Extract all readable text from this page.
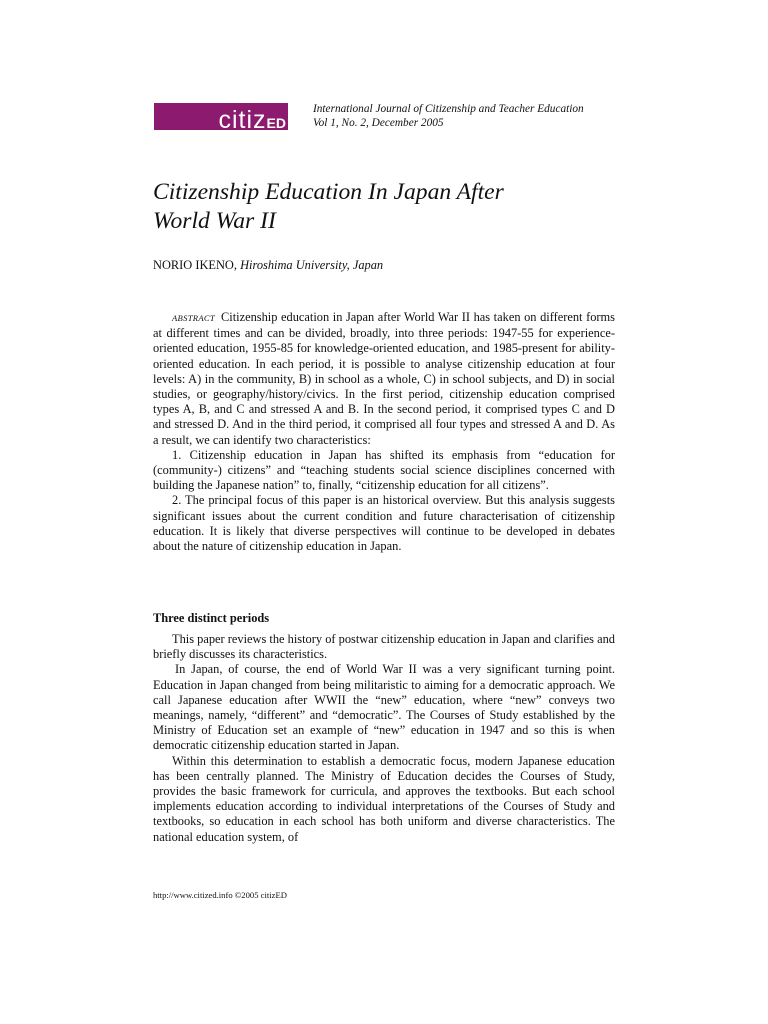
citizED
International Journal of Citizenship and Teacher Education
Vol 1, No. 2, December 2005
Citizenship Education In Japan After
World War II
NORIO IKENO, Hiroshima University, Japan

ABSTRACT Citizenship education in Japan after World War II has taken on different forms at different times and can be divided, broadly, into three periods: 1947-55 for experience-oriented education, 1955-85 for knowledge-oriented education, and 1985-present for ability-oriented education. In each period, it is possible to analyse citizenship education at four levels: A) in the community, B) in school as a whole, C) in school subjects, and D) in social studies, or geography/history/civics. In the first period, citizenship education comprised types A, B, and C and stressed A and B. In the second period, it comprised types C and D and stressed D. And in the third period, it comprised all four types and stressed A and D. As a result, we can identify two characteristics:

1. Citizenship education in Japan has shifted its emphasis from “education for (community-) citizens” and “teaching students social science disciplines concerned with building the Japanese nation” to, finally, “citizenship education for all citizens”.

2. The principal focus of this paper is an historical overview. But this analysis suggests significant issues about the current condition and future characterisation of citizenship education. It is likely that diverse perspectives will continue to be developed in debates about the nature of citizenship education in Japan.

Three distinct periods

This paper reviews the history of postwar citizenship education in Japan and clarifies and briefly discusses its characteristics.

In Japan, of course, the end of World War II was a very significant turning point. Education in Japan changed from being militaristic to aiming for a democratic approach. We call Japanese education after WWII the “new” education, where “new” conveys two meanings, namely, “different” and “democratic”. The Courses of Study established by the Ministry of Education set an example of “new” education in 1947 and so this is when democratic citizenship education started in Japan.

Within this determination to establish a democratic focus, modern Japanese education has been centrally planned. The Ministry of Education decides the Courses of Study, provides the basic framework for curricula, and approves the textbooks. But each school implements education according to individual interpretations of the Courses of Study and textbooks, so education in each school has both uniform and diverse characteristics. The national education system, of

http://www.citized.info ©2005 citizED
